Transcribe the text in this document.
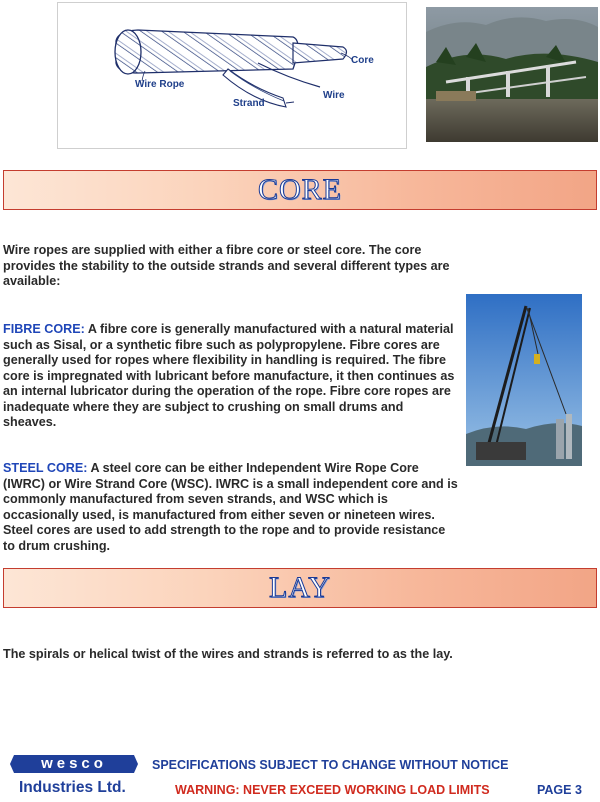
Core
Wire Rope
Wire
Strand
CORE

Wire ropes are supplied with either a fibre core or steel core. The core provides the stability to the outside strands and several different types are available:

FIBRE CORE: A fibre core is generally manufactured with a natural material such as Sisal, or a synthetic fibre such as polypropylene. Fibre cores are generally used for ropes where flexibility in handling is required. The fibre core is impregnated with lubricant before manufacture, it then continues as an internal lubricator during the operation of the rope. Fibre core ropes are inadequate where they are subject to crushing on small drums and sheaves.

STEEL CORE: A steel core can be either Independent Wire Rope Core (IWRC) or Wire Strand Core (WSC). IWRC is a small independent core and is commonly manufactured from seven strands, and WSC which is occasionally used, is manufactured from either seven or nineteen wires. Steel cores are used to add strength to the rope and to provide resistance to drum crushing.

LAY

The spirals or helical twist of the wires and strands is referred to as the lay.

wesco
Industries Ltd.
SPECIFICATIONS SUBJECT TO CHANGE WITHOUT NOTICE
WARNING: NEVER EXCEED WORKING LOAD LIMITS	PAGE 3
